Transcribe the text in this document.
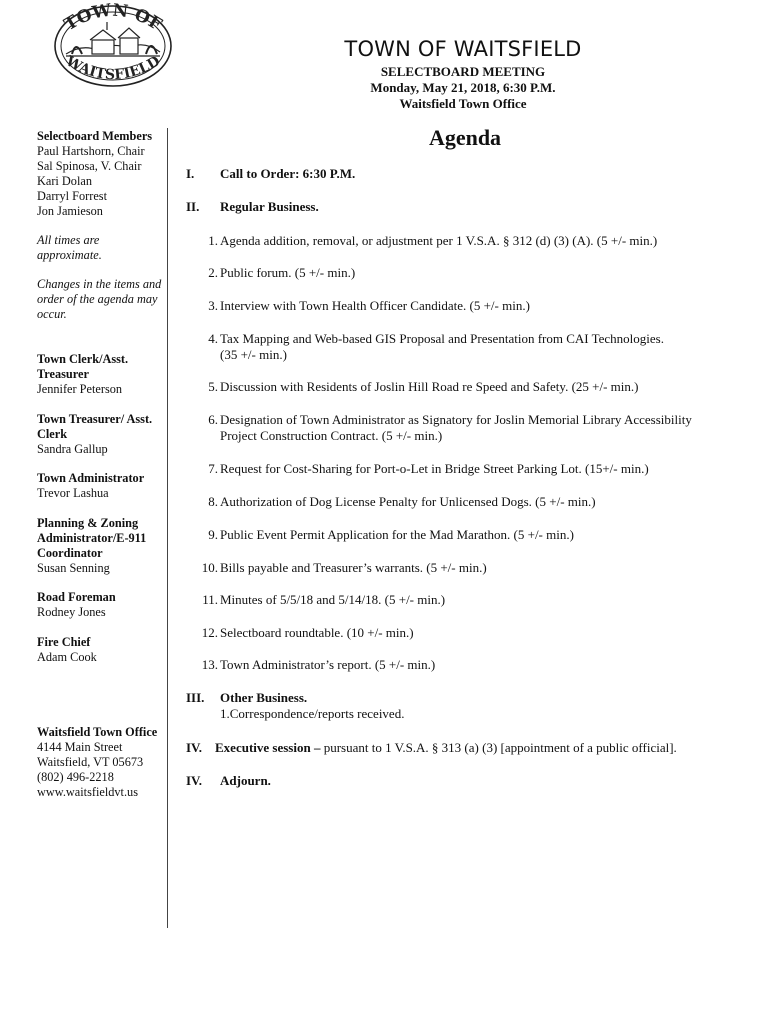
TOWN OF
WAITSFIELD
TOWN OF WAITSFIELD
SELECTBOARD MEETING
Monday, May 21, 2018, 6:30 P.M.
Waitsfield Town Office
Agenda
Selectboard Members
Paul Hartshorn, Chair
Sal Spinosa, V. Chair
Kari Dolan
Darryl Forrest
Jon Jamieson
All times are
approximate.
Changes in the items and
order of the agenda may
occur.
Town Clerk/Asst.
Treasurer
Jennifer Peterson
Town Treasurer/ Asst.
Clerk
Sandra Gallup
Town Administrator
Trevor Lashua
Planning & Zoning
Administrator/E-911
Coordinator
Susan Senning
Road Foreman
Rodney Jones
Fire Chief
Adam Cook
Waitsfield Town Office
4144 Main Street
Waitsfield, VT 05673
(802) 496-2218
www.waitsfieldvt.us
I. Call to Order: 6:30 P.M.
II. Regular Business.
1. Agenda addition, removal, or adjustment per 1 V.S.A. § 312 (d) (3) (A). (5 +/- min.)
2. Public forum. (5 +/- min.)
3. Interview with Town Health Officer Candidate. (5 +/- min.)
4. Tax Mapping and Web-based GIS Proposal and Presentation from CAI Technologies.
(35 +/- min.)
5. Discussion with Residents of Joslin Hill Road re Speed and Safety. (25 +/- min.)
6. Designation of Town Administrator as Signatory for Joslin Memorial Library Accessibility
Project Construction Contract. (5 +/- min.)
7. Request for Cost-Sharing for Port-o-Let in Bridge Street Parking Lot. (15+/- min.)
8. Authorization of Dog License Penalty for Unlicensed Dogs. (5 +/- min.)
9. Public Event Permit Application for the Mad Marathon. (5 +/- min.)
10. Bills payable and Treasurer’s warrants. (5 +/- min.)
11. Minutes of 5/5/18 and 5/14/18. (5 +/- min.)
12. Selectboard roundtable. (10 +/- min.)
13. Town Administrator’s report. (5 +/- min.)
III. Other Business.
1.Correspondence/reports received.
IV. Executive session – pursuant to 1 V.S.A. § 313 (a) (3) [appointment of a public official].
IV. Adjourn.
